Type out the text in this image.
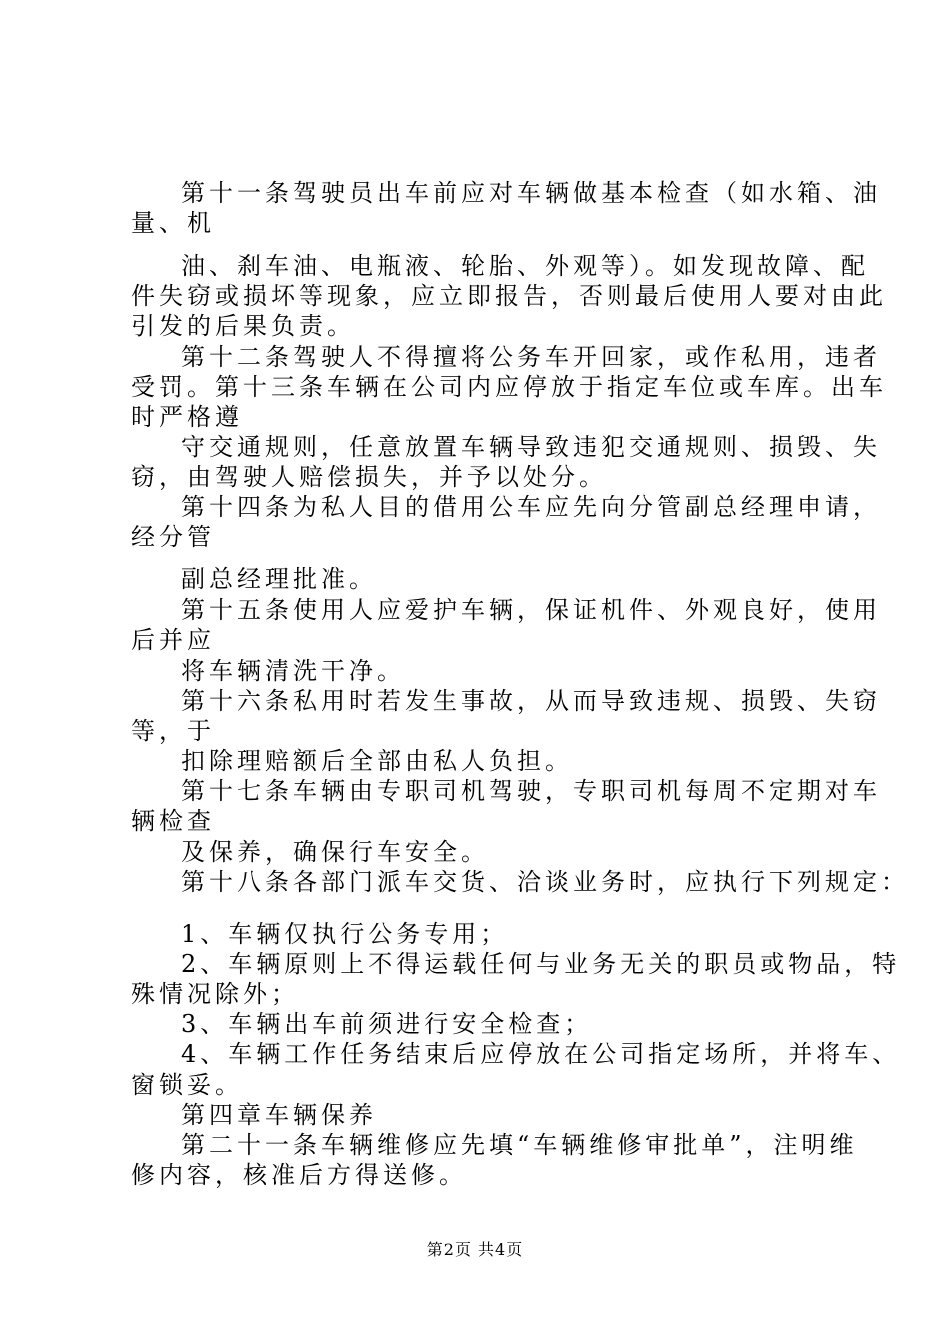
第十一条驾驶员出车前应对车辆做基本检查（如水箱、油
量、机
油、刹车油、电瓶液、轮胎、外观等）。如发现故障、配
件失窃或损坏等现象，应立即报告，否则最后使用人要对由此
引发的后果负责。
第十二条驾驶人不得擅将公务车开回家，或作私用，违者
受罚。第十三条车辆在公司内应停放于指定车位或车库。出车
时严格遵
守交通规则，任意放置车辆导致违犯交通规则、损毁、失
窃，由驾驶人赔偿损失，并予以处分。
第十四条为私人目的借用公车应先向分管副总经理申请，
经分管
副总经理批准。
第十五条使用人应爱护车辆，保证机件、外观良好，使用
后并应
将车辆清洗干净。
第十六条私用时若发生事故，从而导致违规、损毁、失窃
等，于
扣除理赔额后全部由私人负担。
第十七条车辆由专职司机驾驶，专职司机每周不定期对车
辆检查
及保养，确保行车安全。
第十八条各部门派车交货、洽谈业务时，应执行下列规定：
1、车辆仅执行公务专用；
2、车辆原则上不得运载任何与业务无关的职员或物品，特
殊情况除外；
3、车辆出车前须进行安全检查；
4、车辆工作任务结束后应停放在公司指定场所，并将车、
窗锁妥。
第四章车辆保养
第二十一条车辆维修应先填“车辆维修审批单”，注明维
修内容，核准后方得送修。
第2页 共4页
